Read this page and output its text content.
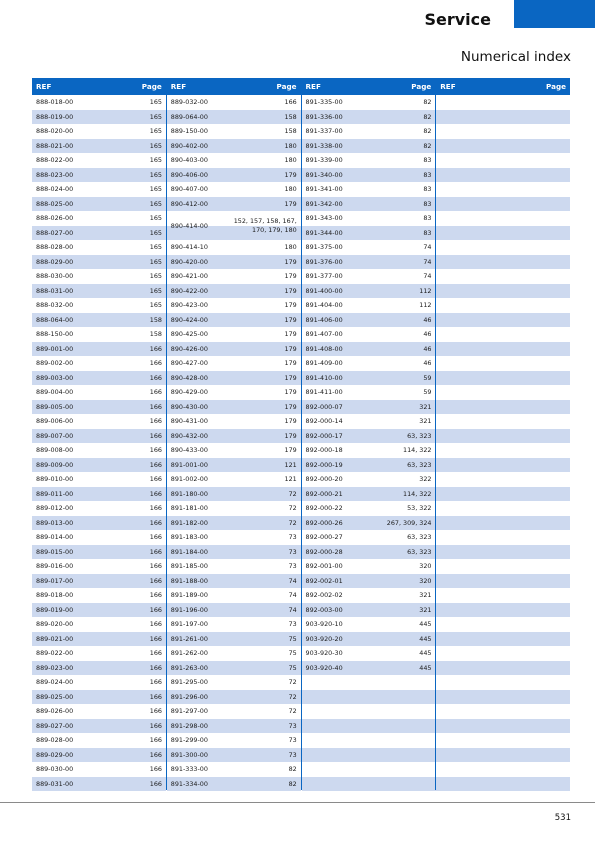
Service
Numerical index
REF	Page
888-018-00	165
888-019-00	165
888-020-00	165
888-021-00	165
888-022-00	165
888-023-00	165
888-024-00	165
888-025-00	165
888-026-00	165
888-027-00	165
888-028-00	165
888-029-00	165
888-030-00	165
888-031-00	165
888-032-00	165
888-064-00	158
888-150-00	158
889-001-00	166
889-002-00	166
889-003-00	166
889-004-00	166
889-005-00	166
889-006-00	166
889-007-00	166
889-008-00	166
889-009-00	166
889-010-00	166
889-011-00	166
889-012-00	166
889-013-00	166
889-014-00	166
889-015-00	166
889-016-00	166
889-017-00	166
889-018-00	166
889-019-00	166
889-020-00	166
889-021-00	166
889-022-00	166
889-023-00	166
889-024-00	166
889-025-00	166
889-026-00	166
889-027-00	166
889-028-00	166
889-029-00	166
889-030-00	166
889-031-00	166
REF	Page
889-032-00	166
889-064-00	158
889-150-00	158
890-402-00	180
890-403-00	180
890-406-00	179
890-407-00	180
890-412-00	179
890-414-00
152, 157, 158, 167,
170, 179, 180
890-414-10	180
890-420-00	179
890-421-00	179
890-422-00	179
890-423-00	179
890-424-00	179
890-425-00	179
890-426-00	179
890-427-00	179
890-428-00	179
890-429-00	179
890-430-00	179
890-431-00	179
890-432-00	179
890-433-00	179
891-001-00	121
891-002-00	121
891-180-00	72
891-181-00	72
891-182-00	72
891-183-00	73
891-184-00	73
891-185-00	73
891-188-00	74
891-189-00	74
891-196-00	74
891-197-00	73
891-261-00	75
891-262-00	75
891-263-00	75
891-295-00	72
891-296-00	72
891-297-00	72
891-298-00	73
891-299-00	73
891-300-00	73
891-333-00	82
891-334-00	82
REF	Page
891-335-00	82
891-336-00	82
891-337-00	82
891-338-00	82
891-339-00	83
891-340-00	83
891-341-00	83
891-342-00	83
891-343-00	83
891-344-00	83
891-375-00	74
891-376-00	74
891-377-00	74
891-400-00	112
891-404-00	112
891-406-00	46
891-407-00	46
891-408-00	46
891-409-00	46
891-410-00	59
891-411-00	59
892-000-07	321
892-000-14	321
892-000-17	63, 323
892-000-18	114, 322
892-000-19	63, 323
892-000-20	322
892-000-21	114, 322
892-000-22	53, 322
892-000-26	267, 309, 324
892-000-27	63, 323
892-000-28	63, 323
892-001-00	320
892-002-01	320
892-002-02	321
892-003-00	321
903-920-10	445
903-920-20	445
903-920-30	445
903-920-40	445
REF	Page
531
